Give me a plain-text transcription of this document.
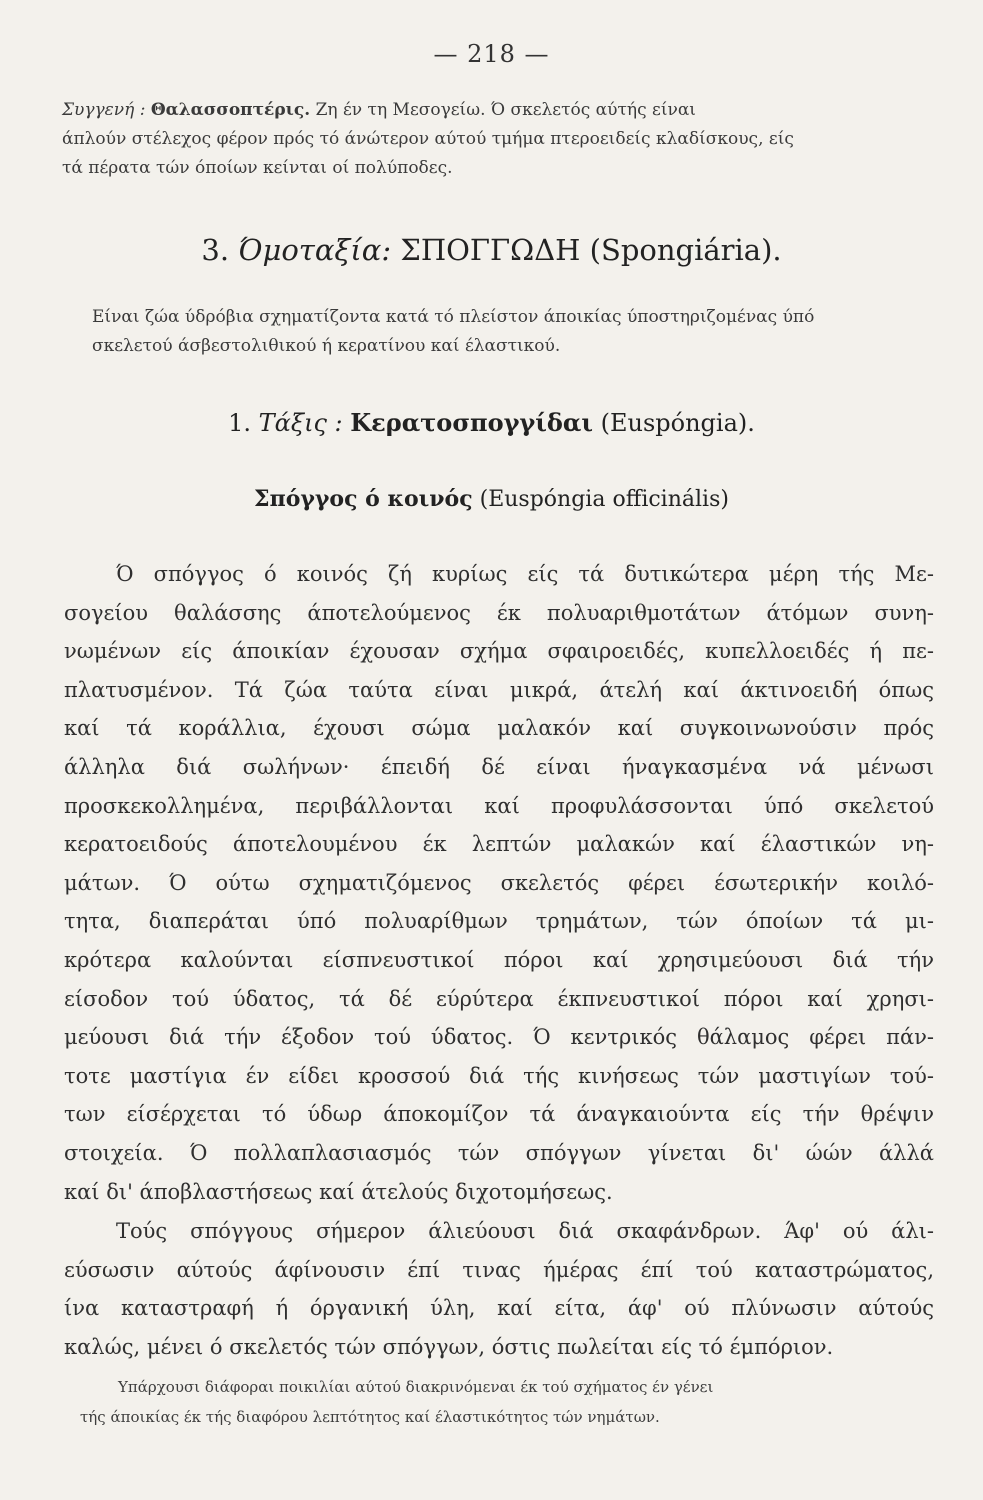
— 218 —
Συγγενή : Θαλασσοπτέρις. Ζη έν τη Μεσογείω. Ό σκελετός αύτής είναι
άπλούν στέλεχος φέρον πρός τό άνώτερον αύτού τμήμα πτεροειδείς κλαδίσκους, είς
τά πέρατα τών όποίων κείνται οί πολύποδες.
3. Όμοταξία: ΣΠΟΓΓΩΔΗ (Spongiária).
Είναι ζώα ύδρόβια σχηματίζοντα κατά τό πλείστον άποικίας ύποστηριζομένας ύπό
σκελετού άσβεστολιθικού ή κερατίνου καί έλαστικού.
1. Τάξις : Κερατοσπογγίδαι (Euspóngia).
Σπόγγος ό κοινός (Euspóngia officinális)
Ό σπόγγος ό κοινός ζή κυρίως είς τά δυτικώτερα μέρη τής Με-
σογείου θαλάσσης άποτελούμενος έκ πολυαριθμοτάτων άτόμων συνη-
νωμένων είς άποικίαν έχουσαν σχήμα σφαιροειδές, κυπελλοειδές ή πε-
πλατυσμένον. Τά ζώα ταύτα είναι μικρά, άτελή καί άκτινοειδή όπως
καί τά κοράλλια, έχουσι σώμα μαλακόν καί συγκοινωνούσιν πρός
άλληλα διά σωλήνων· έπειδή δέ είναι ήναγκασμένα νά μένωσι
προσκεκολλημένα, περιβάλλονται καί προφυλάσσονται ύπό σκελετού
κερατοειδούς άποτελουμένου έκ λεπτών μαλακών καί έλαστικών νη-
μάτων. Ό ούτω σχηματιζόμενος σκελετός φέρει έσωτερικήν κοιλό-
τητα, διαπεράται ύπό πολυαρίθμων τρημάτων, τών όποίων τά μι-
κρότερα καλούνται είσπνευστικοί πόροι καί χρησιμεύουσι διά τήν
είσοδον τού ύδατος, τά δέ εύρύτερα έκπνευστικοί πόροι καί χρησι-
μεύουσι διά τήν έξοδον τού ύδατος. Ό κεντρικός θάλαμος φέρει πάν-
τοτε μαστίγια έν είδει κροσσού διά τής κινήσεως τών μαστιγίων τού-
των είσέρχεται τό ύδωρ άποκομίζον τά άναγκαιούντα είς τήν θρέψιν
στοιχεία. Ό πολλαπλασιασμός τών σπόγγων γίνεται δι' ώών άλλά
καί δι' άποβλαστήσεως καί άτελούς διχοτομήσεως.
Τούς σπόγγους σήμερον άλιεύουσι διά σκαφάνδρων. Άφ' ού άλι-
εύσωσιν αύτούς άφίνουσιν έπί τινας ήμέρας έπί τού καταστρώματος,
ίνα καταστραφή ή όργανική ύλη, καί είτα, άφ' ού πλύνωσιν αύτούς
καλώς, μένει ό σκελετός τών σπόγγων, όστις πωλείται είς τό έμπόριον.
Υπάρχουσι διάφοραι ποικιλίαι αύτού διακρινόμεναι έκ τού σχήματος έν γένει
τής άποικίας έκ τής διαφόρου λεπτότητος καί έλαστικότητος τών νημάτων.
